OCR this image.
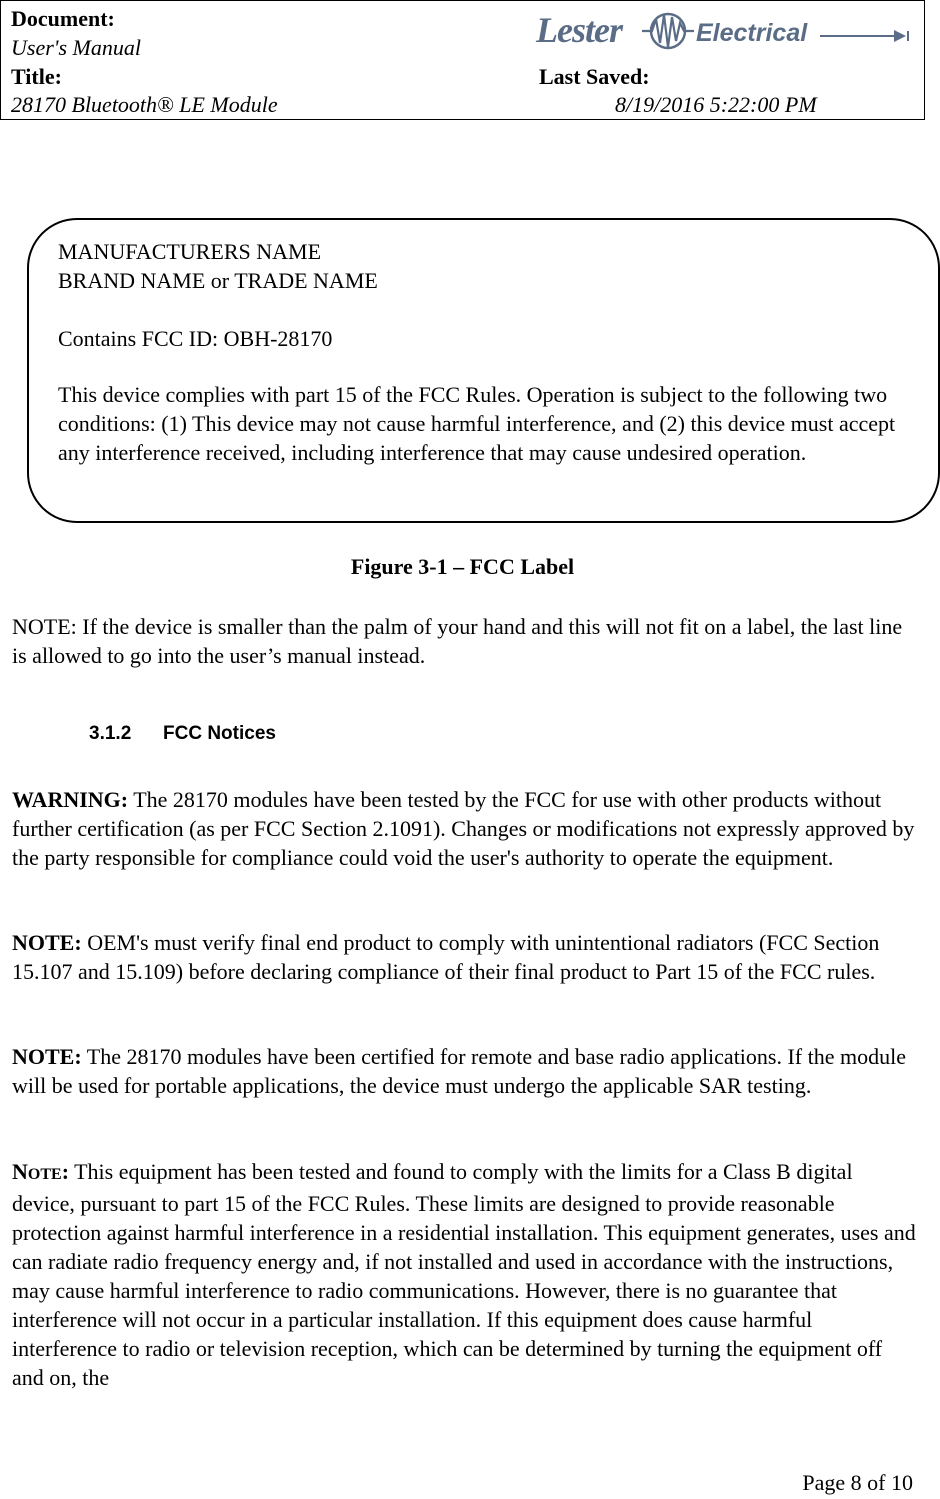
Document:
User's Manual
Title:
28170 Bluetooth® LE Module
Last Saved:
8/19/2016 5:22:00 PM
Lester	Electrical
MANUFACTURERS NAME
BRAND NAME or TRADE NAME
Contains FCC ID: OBH-28170
This device complies with part 15 of the FCC Rules. Operation is subject to the following two conditions: (1) This device may not cause harmful interference, and (2) this device must accept any interference received, including interference that may cause undesired operation.
Figure 3-1 – FCC Label
NOTE: If the device is smaller than the palm of your hand and this will not fit on a label, the last line is allowed to go into the user’s manual instead.
3.1.2 FCC Notices
WARNING: The 28170 modules have been tested by the FCC for use with other products without further certification (as per FCC Section 2.1091). Changes or modifications not expressly approved by the party responsible for compliance could void the user's authority to operate the equipment.
NOTE: OEM's must verify final end product to comply with unintentional radiators (FCC Section 15.107 and 15.109) before declaring compliance of their final product to Part 15 of the FCC rules.
NOTE: The 28170 modules have been certified for remote and base radio applications. If the module will be used for portable applications, the device must undergo the applicable SAR testing.
NOTE: This equipment has been tested and found to comply with the limits for a Class B digital device, pursuant to part 15 of the FCC Rules. These limits are designed to provide reasonable protection against harmful interference in a residential installation. This equipment generates, uses and can radiate radio frequency energy and, if not installed and used in accordance with the instructions, may cause harmful interference to radio communications. However, there is no guarantee that interference will not occur in a particular installation. If this equipment does cause harmful interference to radio or television reception, which can be determined by turning the equipment off and on, the
Page 8 of 10
